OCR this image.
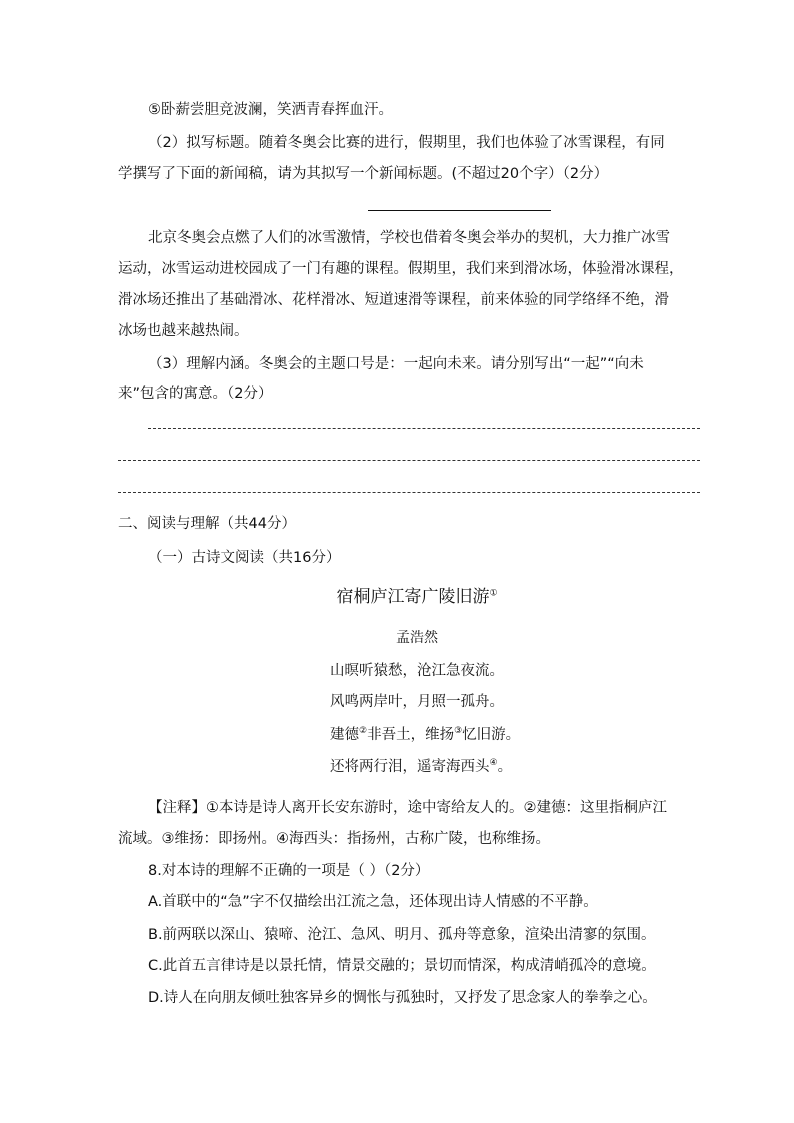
⑤卧薪尝胆竞波澜，笑洒青春挥血汗。
（2）拟写标题。随着冬奥会比赛的进行，假期里，我们也体验了冰雪课程，有同
学撰写了下面的新闻稿，请为其拟写一个新闻标题。(不超过20个字）（2分）
北京冬奥会点燃了人们的冰雪激情，学校也借着冬奥会举办的契机，大力推广冰雪
运动，冰雪运动进校园成了一门有趣的课程。假期里，我们来到滑冰场，体验滑冰课程，
滑冰场还推出了基础滑冰、花样滑冰、短道速滑等课程，前来体验的同学络绎不绝，滑
冰场也越来越热闹。
（3）理解内涵。冬奥会的主题口号是：一起向未来。请分别写出“一起”“向未
来”包含的寓意。（2分）
二、阅读与理解（共44分）
（一）古诗文阅读（共16分）
宿桐庐江寄广陵旧游①
孟浩然
山暝听猿愁，沧江急夜流。
风鸣两岸叶，月照一孤舟。
建德②非吾土，维扬③忆旧游。
还将两行泪，遥寄海西头④。
【注释】①本诗是诗人离开长安东游时，途中寄给友人的。②建德：这里指桐庐江
流域。③维扬：即扬州。④海西头：指扬州，古称广陵，也称维扬。
8.对本诗的理解不正确的一项是（ ）（2分）
A.首联中的“急”字不仅描绘出江流之急，还体现出诗人情感的不平静。
B.前两联以深山、猿啼、沧江、急风、明月、孤舟等意象，渲染出清寥的氛围。
C.此首五言律诗是以景托情，情景交融的；景切而情深，构成清峭孤冷的意境。
D.诗人在向朋友倾吐独客异乡的惆怅与孤独时，又抒发了思念家人的拳拳之心。
